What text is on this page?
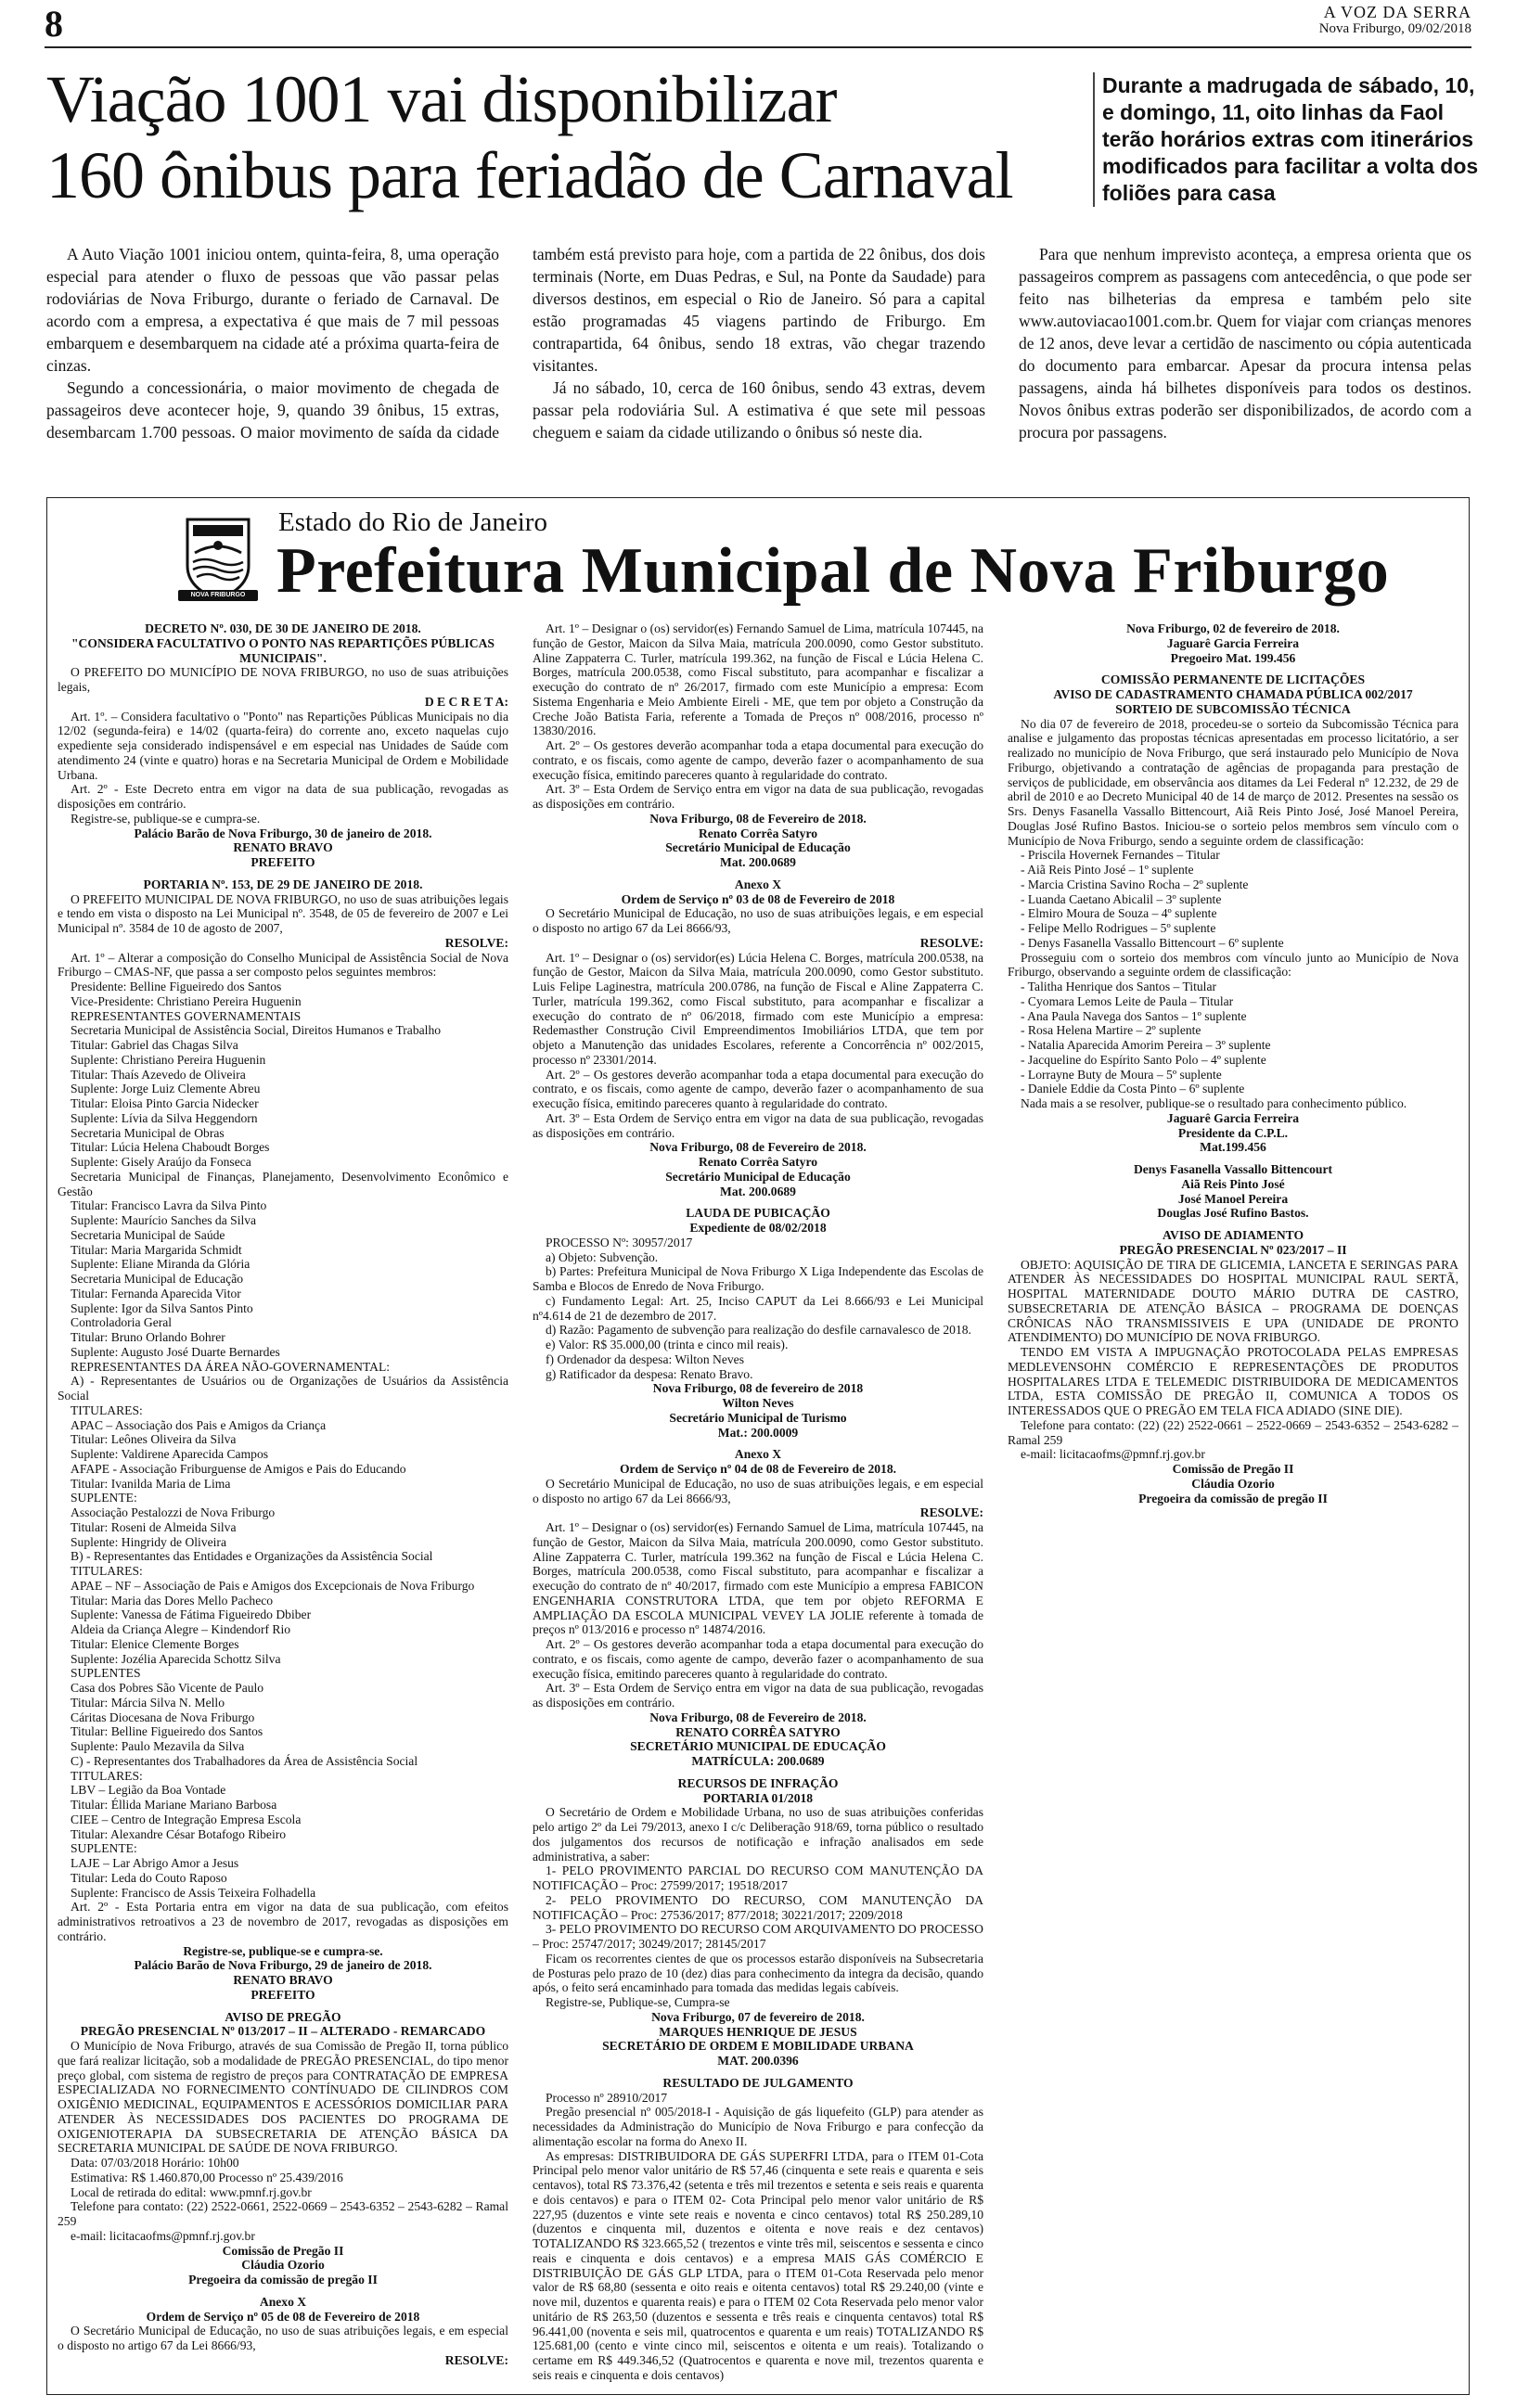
8	A VOZ DA SERRA
Nova Friburgo, 09/02/2018
Viação 1001 vai disponibilizar
160 ônibus para feriadão de Carnaval
Durante a madrugada de sábado, 10, e domingo, 11, oito linhas da Faol terão horários extras com itinerários modificados para facilitar a volta dos foliões para casa

A Auto Viação 1001 iniciou ontem, quinta-feira, 8, uma operação especial para atender o fluxo de pessoas que vão passar pelas rodoviárias de Nova Friburgo, durante o feriado de Carnaval. De acordo com a empresa, a expectativa é que mais de 7 mil pessoas embarquem e desembarquem na cidade até a próxima quarta-feira de cinzas.

Segundo a concessionária, o maior movimento de chegada de passageiros deve acontecer hoje, 9, quando 39 ônibus, 15 extras, desembarcam 1.700 pessoas. O maior movimento de saída da cidade também está previsto para hoje, com a partida de 22 ônibus, dos dois terminais (Norte, em Duas Pedras, e Sul, na Ponte da Saudade) para diversos destinos, em especial o Rio de Janeiro. Só para a capital estão programadas 45 viagens partindo de Friburgo. Em contrapartida, 64 ônibus, sendo 18 extras, vão chegar trazendo visitantes.

Já no sábado, 10, cerca de 160 ônibus, sendo 43 extras, devem passar pela rodoviária Sul. A estimativa é que sete mil pessoas cheguem e saiam da cidade utilizando o ônibus só neste dia.

Para que nenhum imprevisto aconteça, a empresa orienta que os passageiros comprem as passagens com antecedência, o que pode ser feito nas bilheterias da empresa e também pelo site www.autoviacao1001.com.br. Quem for viajar com crianças menores de 12 anos, deve levar a certidão de nascimento ou cópia autenticada do documento para embarcar. Apesar da procura intensa pelas passagens, ainda há bilhetes disponíveis para todos os destinos. Novos ônibus extras poderão ser disponibilizados, de acordo com a procura por passagens.

NOVA FRIBURGO
Estado do Rio de Janeiro
Prefeitura Municipal de Nova Friburgo

DECRETO Nº. 030, DE 30 DE JANEIRO DE 2018.

"CONSIDERA FACULTATIVO O PONTO NAS REPARTIÇÕES PÚBLICAS MUNICIPAIS".

O PREFEITO DO MUNICÍPIO DE NOVA FRIBURGO, no uso de suas atribuições legais,

D E C R E T A:

Art. 1º. – Considera facultativo o "Ponto" nas Repartições Públicas Municipais no dia 12/02 (segunda-feira) e 14/02 (quarta-feira) do corrente ano, exceto naquelas cujo expediente seja considerado indispensável e em especial nas Unidades de Saúde com atendimento 24 (vinte e quatro) horas e na Secretaria Municipal de Ordem e Mobilidade Urbana.

Art. 2º - Este Decreto entra em vigor na data de sua publicação, revogadas as disposições em contrário.

Registre-se, publique-se e cumpra-se.

Palácio Barão de Nova Friburgo, 30 de janeiro de 2018.

RENATO BRAVO

PREFEITO

PORTARIA Nº. 153, DE 29 DE JANEIRO DE 2018.

O PREFEITO MUNICIPAL DE NOVA FRIBURGO, no uso de suas atribuições legais e tendo em vista o disposto na Lei Municipal nº. 3548, de 05 de fevereiro de 2007 e Lei Municipal nº. 3584 de 10 de agosto de 2007,

RESOLVE:

Art. 1º – Alterar a composição do Conselho Municipal de Assistência Social de Nova Friburgo – CMAS-NF, que passa a ser composto pelos seguintes membros:

Presidente: Belline Figueiredo dos Santos

Vice-Presidente: Christiano Pereira Huguenin

REPRESENTANTES GOVERNAMENTAIS

Secretaria Municipal de Assistência Social, Direitos Humanos e Trabalho

Titular: Gabriel das Chagas Silva

Suplente: Christiano Pereira Huguenin

Titular: Thaís Azevedo de Oliveira

Suplente: Jorge Luiz Clemente Abreu

Titular: Eloisa Pinto Garcia Nidecker

Suplente: Lívia da Silva Heggendorn

Secretaria Municipal de Obras

Titular: Lúcia Helena Chaboudt Borges

Suplente: Gisely Araújo da Fonseca

Secretaria Municipal de Finanças, Planejamento, Desenvolvimento Econômico e Gestão

Titular: Francisco Lavra da Silva Pinto

Suplente: Maurício Sanches da Silva

Secretaria Municipal de Saúde

Titular: Maria Margarida Schmidt

Suplente: Eliane Miranda da Glória

Secretaria Municipal de Educação

Titular: Fernanda Aparecida Vitor

Suplente: Igor da Silva Santos Pinto

Controladoria Geral

Titular: Bruno Orlando Bohrer

Suplente: Augusto José Duarte Bernardes

REPRESENTANTES DA ÁREA NÃO-GOVERNAMENTAL:

A) - Representantes de Usuários ou de Organizações de Usuários da Assistência Social

TITULARES:

APAC – Associação dos Pais e Amigos da Criança

Titular: Leônes Oliveira da Silva

Suplente: Valdirene Aparecida Campos

AFAPE - Associação Friburguense de Amigos e Pais do Educando

Titular: Ivanilda Maria de Lima

SUPLENTE:

Associação Pestalozzi de Nova Friburgo

Titular: Roseni de Almeida Silva

Suplente: Hingridy de Oliveira

B) - Representantes das Entidades e Organizações da Assistência Social

TITULARES:

APAE – NF – Associação de Pais e Amigos dos Excepcionais de Nova Friburgo

Titular: Maria das Dores Mello Pacheco

Suplente: Vanessa de Fátima Figueiredo Dbiber

Aldeia da Criança Alegre – Kindendorf Rio

Titular: Elenice Clemente Borges

Suplente: Jozélia Aparecida Schottz Silva

SUPLENTES

Casa dos Pobres São Vicente de Paulo

Titular: Márcia Silva N. Mello

Cáritas Diocesana de Nova Friburgo

Titular: Belline Figueiredo dos Santos

Suplente: Paulo Mezavila da Silva

C) - Representantes dos Trabalhadores da Área de Assistência Social

TITULARES:

LBV – Legião da Boa Vontade

Titular: Éllida Mariane Mariano Barbosa

CIEE – Centro de Integração Empresa Escola

Titular: Alexandre César Botafogo Ribeiro

SUPLENTE:

LAJE – Lar Abrigo Amor a Jesus

Titular: Leda do Couto Raposo

Suplente: Francisco de Assis Teixeira Folhadella

Art. 2º - Esta Portaria entra em vigor na data de sua publicação, com efeitos administrativos retroativos a 23 de novembro de 2017, revogadas as disposições em contrário.

Registre-se, publique-se e cumpra-se.

Palácio Barão de Nova Friburgo, 29 de janeiro de 2018.

RENATO BRAVO

PREFEITO

AVISO DE PREGÃO

PREGÃO PRESENCIAL Nº 013/2017 – II – ALTERADO - REMARCADO

O Município de Nova Friburgo, através de sua Comissão de Pregão II, torna público que fará realizar licitação, sob a modalidade de PREGÃO PRESENCIAL, do tipo menor preço global, com sistema de registro de preços para CONTRATAÇÃO DE EMPRESA ESPECIALIZADA NO FORNECIMENTO CONTÍNUADO DE CILINDROS COM OXIGÊNIO MEDICINAL, EQUIPAMENTOS E ACESSÓRIOS DOMICILIAR PARA ATENDER ÀS NECESSIDADES DOS PACIENTES DO PROGRAMA DE OXIGENIOTERAPIA DA SUBSECRETARIA DE ATENÇÃO BÁSICA DA SECRETARIA MUNICIPAL DE SAÚDE DE NOVA FRIBURGO.

Data: 07/03/2018 Horário: 10h00

Estimativa: R$ 1.460.870,00 Processo nº 25.439/2016

Local de retirada do edital: www.pmnf.rj.gov.br

Telefone para contato: (22) 2522-0661, 2522-0669 – 2543-6352 – 2543-6282 – Ramal 259

e-mail: licitacaofms@pmnf.rj.gov.br

Comissão de Pregão II

Cláudia Ozorio

Pregoeira da comissão de pregão II

Anexo X

Ordem de Serviço nº 05 de 08 de Fevereiro de 2018

O Secretário Municipal de Educação, no uso de suas atribuições legais, e em especial o disposto no artigo 67 da Lei 8666/93,

RESOLVE:

Art. 1º – Designar o (os) servidor(es) Fernando Samuel de Lima, matrícula 107445, na função de Gestor, Maicon da Silva Maia, matrícula 200.0090, como Gestor substituto. Aline Zappaterra C. Turler, matrícula 199.362, na função de Fiscal e Lúcia Helena C. Borges, matrícula 200.0538, como Fiscal substituto, para acompanhar e fiscalizar a execução do contrato de nº 26/2017, firmado com este Município a empresa: Ecom Sistema Engenharia e Meio Ambiente Eireli - ME, que tem por objeto a Construção da Creche João Batista Faria, referente a Tomada de Preços nº 008/2016, processo nº 13830/2016.

Art. 2º – Os gestores deverão acompanhar toda a etapa documental para execução do contrato, e os fiscais, como agente de campo, deverão fazer o acompanhamento de sua execução física, emitindo pareceres quanto à regularidade do contrato.

Art. 3º – Esta Ordem de Serviço entra em vigor na data de sua publicação, revogadas as disposições em contrário.

Nova Friburgo, 08 de Fevereiro de 2018.

Renato Corrêa Satyro

Secretário Municipal de Educação

Mat. 200.0689

Anexo X

Ordem de Serviço nº 03 de 08 de Fevereiro de 2018

O Secretário Municipal de Educação, no uso de suas atribuições legais, e em especial o disposto no artigo 67 da Lei 8666/93,

RESOLVE:

Art. 1º – Designar o (os) servidor(es) Lúcia Helena C. Borges, matrícula 200.0538, na função de Gestor, Maicon da Silva Maia, matrícula 200.0090, como Gestor substituto. Luis Felipe Laginestra, matrícula 200.0786, na função de Fiscal e Aline Zappaterra C. Turler, matrícula 199.362, como Fiscal substituto, para acompanhar e fiscalizar a execução do contrato de nº 06/2018, firmado com este Município a empresa: Redemasther Construção Civil Empreendimentos Imobiliários LTDA, que tem por objeto a Manutenção das unidades Escolares, referente a Concorrência nº 002/2015, processo nº 23301/2014.

Art. 2º – Os gestores deverão acompanhar toda a etapa documental para execução do contrato, e os fiscais, como agente de campo, deverão fazer o acompanhamento de sua execução física, emitindo pareceres quanto à regularidade do contrato.

Art. 3º – Esta Ordem de Serviço entra em vigor na data de sua publicação, revogadas as disposições em contrário.

Nova Friburgo, 08 de Fevereiro de 2018.

Renato Corrêa Satyro

Secretário Municipal de Educação

Mat. 200.0689

LAUDA DE PUBICAÇÃO

Expediente de 08/02/2018

PROCESSO Nº: 30957/2017

a) Objeto: Subvenção.

b) Partes: Prefeitura Municipal de Nova Friburgo X Liga Independente das Escolas de Samba e Blocos de Enredo de Nova Friburgo.

c) Fundamento Legal: Art. 25, Inciso CAPUT da Lei 8.666/93 e Lei Municipal nº4.614 de 21 de dezembro de 2017.

d) Razão: Pagamento de subvenção para realização do desfile carnavalesco de 2018.

e) Valor: R$ 35.000,00 (trinta e cinco mil reais).

f) Ordenador da despesa: Wilton Neves

g) Ratificador da despesa: Renato Bravo.

Nova Friburgo, 08 de fevereiro de 2018

Wilton Neves

Secretário Municipal de Turismo

Mat.: 200.0009

Anexo X

Ordem de Serviço nº 04 de 08 de Fevereiro de 2018.

O Secretário Municipal de Educação, no uso de suas atribuições legais, e em especial o disposto no artigo 67 da Lei 8666/93,

RESOLVE:

Art. 1º – Designar o (os) servidor(es) Fernando Samuel de Lima, matrícula 107445, na função de Gestor, Maicon da Silva Maia, matrícula 200.0090, como Gestor substituto. Aline Zappaterra C. Turler, matrícula 199.362 na função de Fiscal e Lúcia Helena C. Borges, matrícula 200.0538, como Fiscal substituto, para acompanhar e fiscalizar a execução do contrato de nº 40/2017, firmado com este Município a empresa FABICON ENGENHARIA CONSTRUTORA LTDA, que tem por objeto REFORMA E AMPLIAÇÃO DA ESCOLA MUNICIPAL VEVEY LA JOLIE referente à tomada de preços nº 013/2016 e processo nº 14874/2016.

Art. 2º – Os gestores deverão acompanhar toda a etapa documental para execução do contrato, e os fiscais, como agente de campo, deverão fazer o acompanhamento de sua execução física, emitindo pareceres quanto à regularidade do contrato.

Art. 3º – Esta Ordem de Serviço entra em vigor na data de sua publicação, revogadas as disposições em contrário.

Nova Friburgo, 08 de Fevereiro de 2018.

RENATO CORRÊA SATYRO

SECRETÁRIO MUNICIPAL DE EDUCAÇÃO

MATRÍCULA: 200.0689

RECURSOS DE INFRAÇÃO

PORTARIA 01/2018

O Secretário de Ordem e Mobilidade Urbana, no uso de suas atribuições conferidas pelo artigo 2º da Lei 79/2013, anexo I c/c Deliberação 918/69, torna público o resultado dos julgamentos dos recursos de notificação e infração analisados em sede administrativa, a saber:

1- PELO PROVIMENTO PARCIAL DO RECURSO COM MANUTENÇÃO DA NOTIFICAÇÃO – Proc: 27599/2017; 19518/2017

2- PELO PROVIMENTO DO RECURSO, COM MANUTENÇÃO DA NOTIFICAÇÃO – Proc: 27536/2017; 877/2018; 30221/2017; 2209/2018

3- PELO PROVIMENTO DO RECURSO COM ARQUIVAMENTO DO PROCESSO – Proc: 25747/2017; 30249/2017; 28145/2017

Ficam os recorrentes cientes de que os processos estarão disponíveis na Subsecretaria de Posturas pelo prazo de 10 (dez) dias para conhecimento da integra da decisão, quando após, o feito será encaminhado para tomada das medidas legais cabíveis.

Registre-se, Publique-se, Cumpra-se

Nova Friburgo, 07 de fevereiro de 2018.

MARQUES HENRIQUE DE JESUS

SECRETÁRIO DE ORDEM E MOBILIDADE URBANA

MAT. 200.0396

RESULTADO DE JULGAMENTO

Processo nº 28910/2017

Pregão presencial nº 005/2018-I - Aquisição de gás liquefeito (GLP) para atender as necessidades da Administração do Município de Nova Friburgo e para confecção da alimentação escolar na forma do Anexo II.

As empresas: DISTRIBUIDORA DE GÁS SUPERFRI LTDA, para o ITEM 01-Cota Principal pelo menor valor unitário de R$ 57,46 (cinquenta e sete reais e quarenta e seis centavos), total R$ 73.376,42 (setenta e três mil trezentos e setenta e seis reais e quarenta e dois centavos) e para o ITEM 02- Cota Principal pelo menor valor unitário de R$ 227,95 (duzentos e vinte sete reais e noventa e cinco centavos) total R$ 250.289,10 (duzentos e cinquenta mil, duzentos e oitenta e nove reais e dez centavos) TOTALIZANDO R$ 323.665,52 ( trezentos e vinte três mil, seiscentos e sessenta e cinco reais e cinquenta e dois centavos) e a empresa MAIS GÁS COMÉRCIO E DISTRIBUIÇÃO DE GÁS GLP LTDA, para o ITEM 01-Cota Reservada pelo menor valor de R$ 68,80 (sessenta e oito reais e oitenta centavos) total R$ 29.240,00 (vinte e nove mil, duzentos e quarenta reais) e para o ITEM 02 Cota Reservada pelo menor valor unitário de R$ 263,50 (duzentos e sessenta e três reais e cinquenta centavos) total R$ 96.441,00 (noventa e seis mil, quatrocentos e quarenta e um reais) TOTALIZANDO R$ 125.681,00 (cento e vinte cinco mil, seiscentos e oitenta e um reais). Totalizando o certame em R$ 449.346,52 (Quatrocentos e quarenta e nove mil, trezentos quarenta e seis reais e cinquenta e dois centavos)

Nova Friburgo, 02 de fevereiro de 2018.

Jaguarê Garcia Ferreira

Pregoeiro Mat. 199.456

COMISSÃO PERMANENTE DE LICITAÇÕES

AVISO DE CADASTRAMENTO CHAMADA PÚBLICA 002/2017

SORTEIO DE SUBCOMISSÃO TÉCNICA

No dia 07 de fevereiro de 2018, procedeu-se o sorteio da Subcomissão Técnica para analise e julgamento das propostas técnicas apresentadas em processo licitatório, a ser realizado no município de Nova Friburgo, que será instaurado pelo Município de Nova Friburgo, objetivando a contratação de agências de propaganda para prestação de serviços de publicidade, em observância aos ditames da Lei Federal nº 12.232, de 29 de abril de 2010 e ao Decreto Municipal 40 de 14 de março de 2012. Presentes na sessão os Srs. Denys Fasanella Vassallo Bittencourt, Aiã Reis Pinto José, José Manoel Pereira, Douglas José Rufino Bastos. Iniciou-se o sorteio pelos membros sem vínculo com o Município de Nova Friburgo, sendo a seguinte ordem de classificação:

- Priscila Hovernek Fernandes – Titular

- Aiã Reis Pinto José – 1º suplente

- Marcia Cristina Savino Rocha – 2º suplente

- Luanda Caetano Abicalil – 3º suplente

- Elmiro Moura de Souza – 4º suplente

- Felipe Mello Rodrigues – 5º suplente

- Denys Fasanella Vassallo Bittencourt – 6º suplente

Prosseguiu com o sorteio dos membros com vínculo junto ao Município de Nova Friburgo, observando a seguinte ordem de classificação:

- Talitha Henrique dos Santos – Titular

- Cyomara Lemos Leite de Paula – Titular

- Ana Paula Navega dos Santos – 1º suplente

- Rosa Helena Martire – 2º suplente

- Natalia Aparecida Amorim Pereira – 3º suplente

- Jacqueline do Espírito Santo Polo – 4º suplente

- Lorrayne Buty de Moura – 5º suplente

- Daniele Eddie da Costa Pinto – 6º suplente

Nada mais a se resolver, publique-se o resultado para conhecimento público.

Jaguarê Garcia Ferreira

Presidente da C.P.L.

Mat.199.456

Denys Fasanella Vassallo Bittencourt

Aiã Reis Pinto José

José Manoel Pereira

Douglas José Rufino Bastos.

AVISO DE ADIAMENTO

PREGÃO PRESENCIAL Nº 023/2017 – II

OBJETO: AQUISIÇÃO DE TIRA DE GLICEMIA, LANCETA E SERINGAS PARA ATENDER ÀS NECESSIDADES DO HOSPITAL MUNICIPAL RAUL SERTÃ, HOSPITAL MATERNIDADE DOUTO MÁRIO DUTRA DE CASTRO, SUBSECRETARIA DE ATENÇÃO BÁSICA – PROGRAMA DE DOENÇAS CRÔNICAS NÃO TRANSMISSIVEIS E UPA (UNIDADE DE PRONTO ATENDIMENTO) DO MUNICÍPIO DE NOVA FRIBURGO.

TENDO EM VISTA A IMPUGNAÇÃO PROTOCOLADA PELAS EMPRESAS MEDLEVENSOHN COMÉRCIO E REPRESENTAÇÕES DE PRODUTOS HOSPITALARES LTDA E TELEMEDIC DISTRIBUIDORA DE MEDICAMENTOS LTDA, ESTA COMISSÃO DE PREGÃO II, COMUNICA A TODOS OS INTERESSADOS QUE O PREGÃO EM TELA FICA ADIADO (SINE DIE).

Telefone para contato: (22) (22) 2522-0661 – 2522-0669 – 2543-6352 – 2543-6282 – Ramal 259

e-mail: licitacaofms@pmnf.rj.gov.br

Comissão de Pregão II

Cláudia Ozorio

Pregoeira da comissão de pregão II
